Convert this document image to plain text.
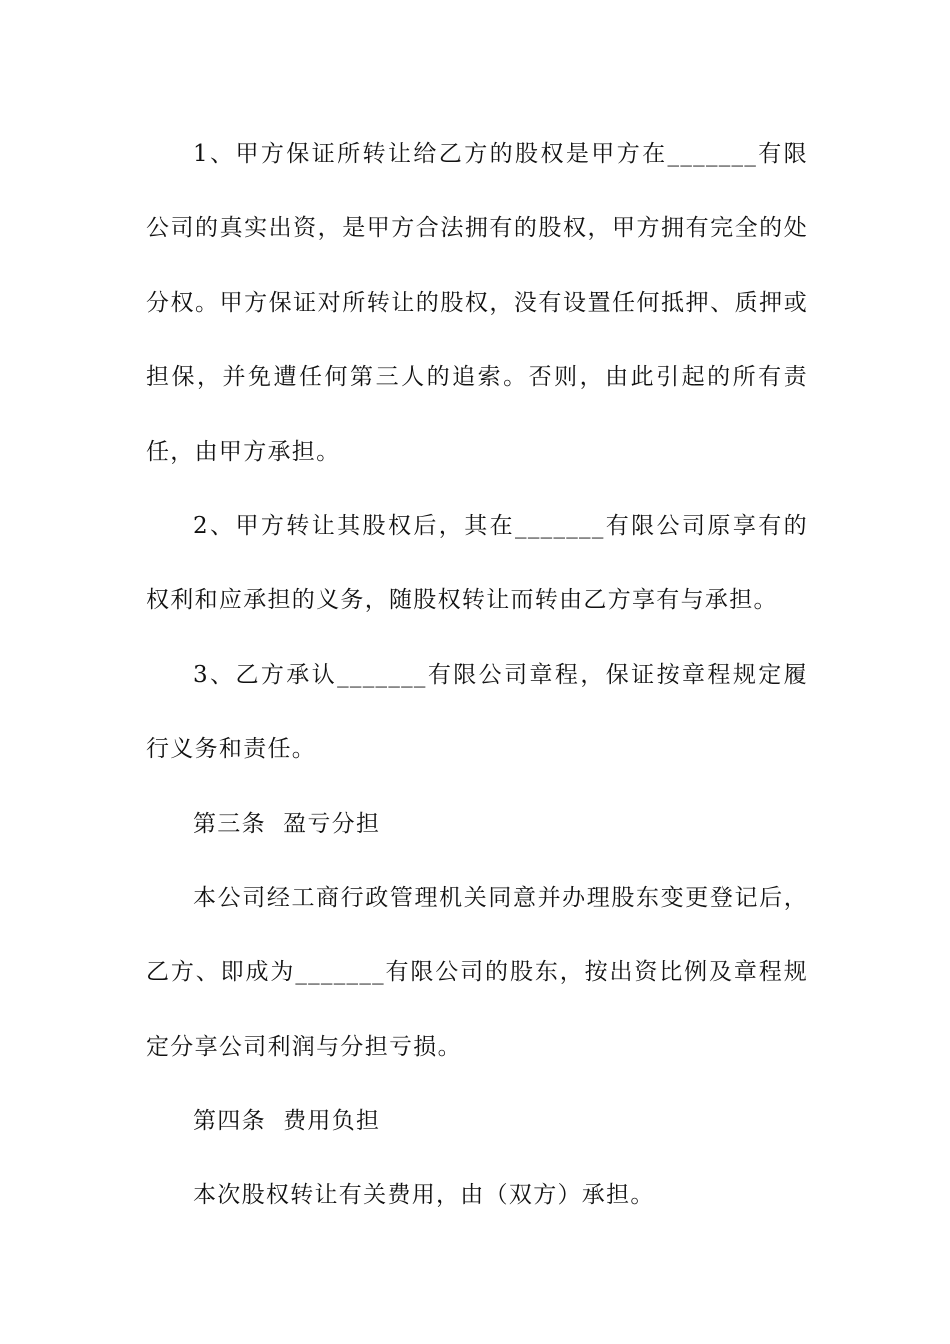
1、甲方保证所转让给乙方的股权是甲方在_______有限公司的真实出资，是甲方合法拥有的股权，甲方拥有完全的处分权。甲方保证对所转让的股权，没有设置任何抵押、质押或担保，并免遭任何第三人的追索。否则，由此引起的所有责任，由甲方承担。

2、甲方转让其股权后，其在_______有限公司原享有的权利和应承担的义务，随股权转让而转由乙方享有与承担。

3、乙方承认_______有限公司章程，保证按章程规定履行义务和责任。

第三条  盈亏分担

本公司经工商行政管理机关同意并办理股东变更登记后，乙方、即成为_______有限公司的股东，按出资比例及章程规定分享公司利润与分担亏损。

第四条  费用负担

本次股权转让有关费用，由（双方）承担。
